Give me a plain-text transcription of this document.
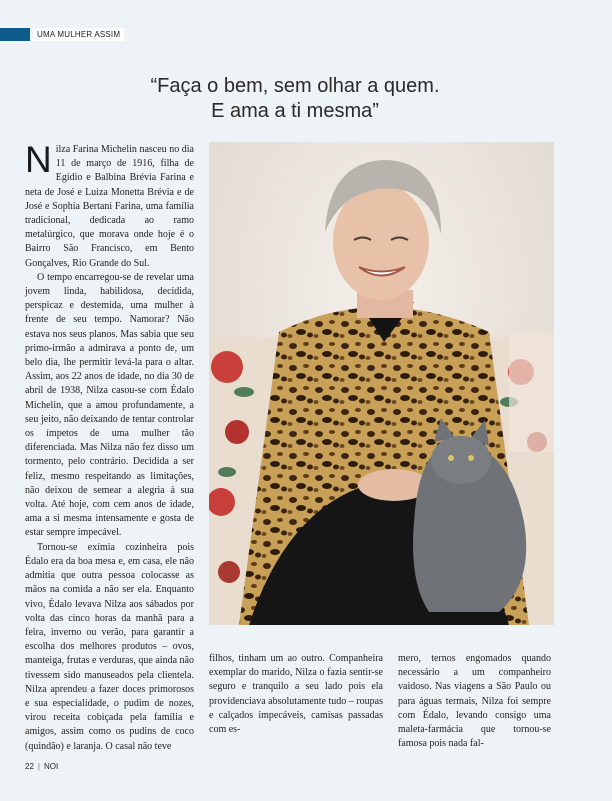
UMA MULHER ASSIM
“Faça o bem, sem olhar a quem.
E ama a ti mesma”

Nilza Farina Michelin nasceu no dia 11 de março de 1916, filha de Egídio e Balbina Brévia Farina e neta de José e Luiza Monetta Brévia e de José e Sophia Bertani Farina, uma família tradicional, dedicada ao ramo metalúrgico, que morava onde hoje é o Bairro São Francisco, em Bento Gonçalves, Rio Grande do Sul.

O tempo encarregou-se de revelar uma jovem linda, habilidosa, decidida, perspicaz e destemida, uma mulher à frente de seu tempo. Namorar? Não estava nos seus planos. Mas sabia que seu primo-irmão a admirava a ponto de, um belo dia, lhe permitir levá-la para o altar. Assim, aos 22 anos de idade, no dia 30 de abril de 1938, Nilza casou-se com Édalo Michelin, que a amou profundamente, a seu jeito, não deixando de tentar controlar os ímpetos de uma mulher tão diferenciada. Mas Nilza não fez disso um tormento, pelo contrário. Decidida a ser feliz, mesmo respeitando as limitações, não deixou de semear a alegria à sua volta. Até hoje, com cem anos de idade, ama a si mesma intensamente e gosta de estar sempre impecável.

Tornou-se exímia cozinheira pois Édalo era da boa mesa e, em casa, ele não admitia que outra pessoa colocasse as mãos na comida a não ser ela. Enquanto vivo, Édalo levava Nilza aos sábados por volta das cinco horas da manhã para a feira, inverno ou verão, para garantir a escolha dos melhores produtos – ovos, manteiga, frutas e verduras, que ainda não tivessem sido manuseados pela clientela. Nilza aprendeu a fazer doces primorosos e sua especialidade, o pudim de nozes, virou receita cobiçada pela família e amigos, assim como os pudins de coco (quindão) e laranja. O casal não teve

filhos, tinham um ao outro. Companheira exemplar do marido, Nilza o fazia sentir-se seguro e tranquilo a seu lado pois ela providenciava absolutamente tudo – roupas e calçados impecáveis, camisas passadas com es-

mero, ternos engomados quando necessário a um companheiro vaidoso. Nas viagens a São Paulo ou para águas termais, Nilza foi sempre com Édalo, levando consigo uma maleta-farmácia que tornou-se famosa pois nada fal-

22 | NOI
